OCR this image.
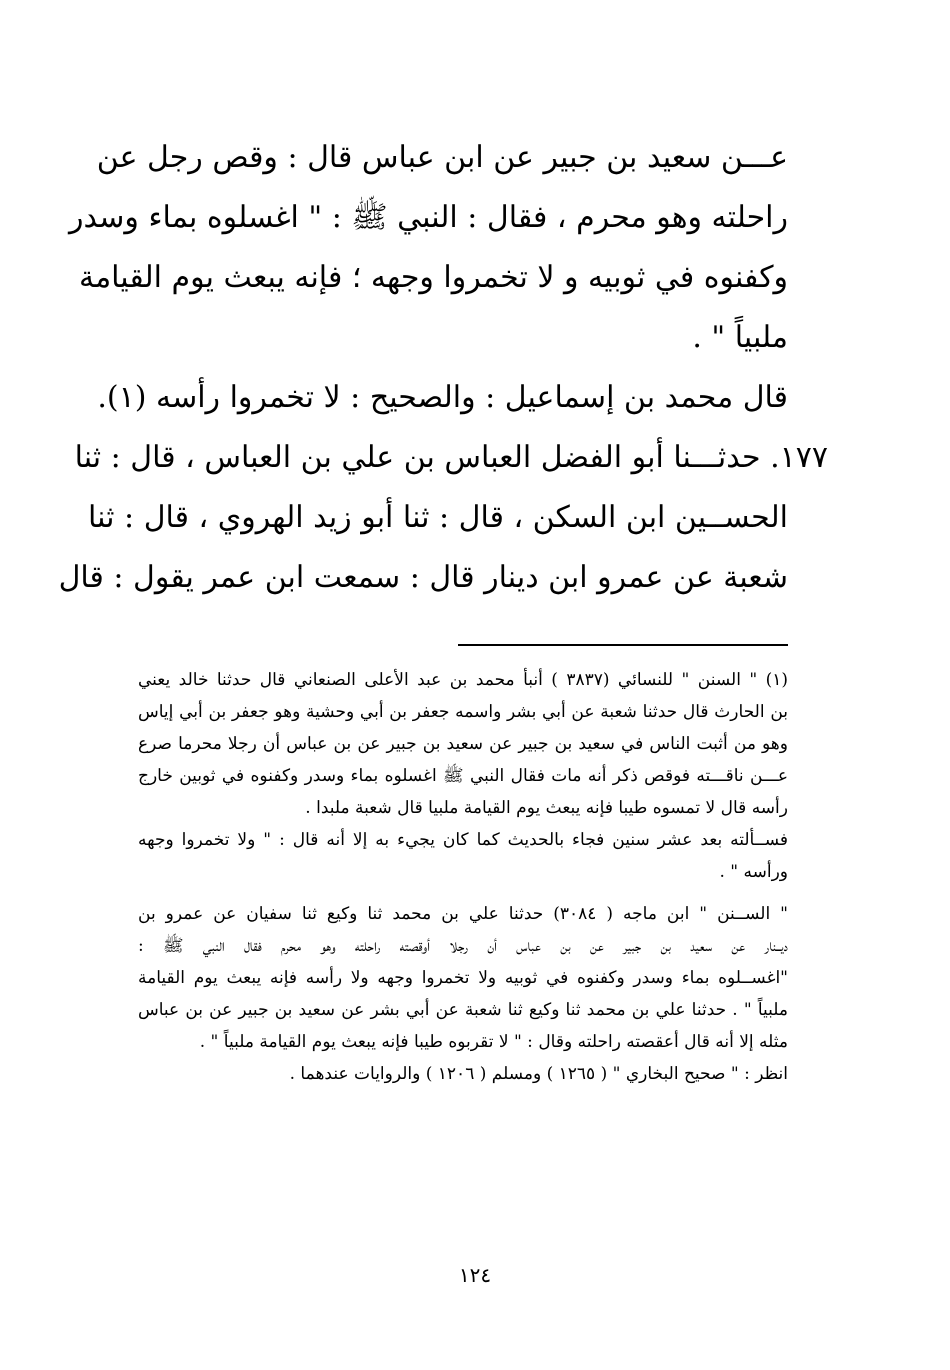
عـــن سعيد بن جبير عن ابن عباس قال : وقص رجل عن
راحلته وهو محرم ، فقال : النبي ﷺ : " اغسلوه بماء وسدر
وكفنوه في ثوبيه و لا تخمروا وجهه ؛ فإنه يبعث يوم القيامة
ملبياً " .
قال محمد بن إسماعيل : والصحيح : لا تخمروا رأسه (١).
١٧٧. حدثـــنا أبو الفضل العباس بن علي بن العباس ، قال : ثنا
الحســين ابن السكن ، قال : ثنا أبو زيد الهروي ، قال : ثنا
شعبة عن عمرو ابن دينار قال : سمعت ابن عمر يقول : قال
(١) " السنن " للنسائي (٣٨٣٧ ) أنبأ محمد بن عبد الأعلى الصنعاني قال حدثنا خالد يعني
بن الحارث قال حدثنا شعبة عن أبي بشر واسمه جعفر بن أبي وحشية وهو جعفر بن أبي إياس
وهو من أثبت الناس في سعيد بن جبير عن سعيد بن جبير عن بن عباس أن رجلا محرما صرع
عـــن ناقـــته فوقص ذكر أنه مات فقال النبي ﷺ اغسلوه بماء وسدر وكفنوه في ثوبين خارج
رأسه قال لا تمسوه طيبا فإنه يبعث يوم القيامة ملبيا قال شعبة ملبدا .
فســألته بعد عشر سنين فجاء بالحديث كما كان يجيء به إلا أنه قال : " ولا تخمروا وجهه
ورأسه " .
" الســنن " ابن ماجه ( ٣٠٨٤) حدثنا علي بن محمد ثنا وكيع ثنا سفيان عن عمرو بن
ديــنار عن سعيد بن جبير عن بن عباس أن رجلا أوقصته راحلته وهو محرم فقال النبي ﷺ :
"اغســلوه بماء وسدر وكفنوه في ثوبيه ولا تخمروا وجهه ولا رأسه فإنه يبعث يوم القيامة
ملبياً " . حدثنا علي بن محمد ثنا وكيع ثنا شعبة عن أبي بشر عن سعيد بن جبير عن بن عباس
مثله إلا أنه قال أعقصته راحلته وقال : " لا تقربوه طيبا فإنه يبعث يوم القيامة ملبياً " .
انظر : " صحيح البخاري " ( ١٢٦٥ ) ومسلم ( ١٢٠٦ ) والروايات عندهما .
١٢٤
